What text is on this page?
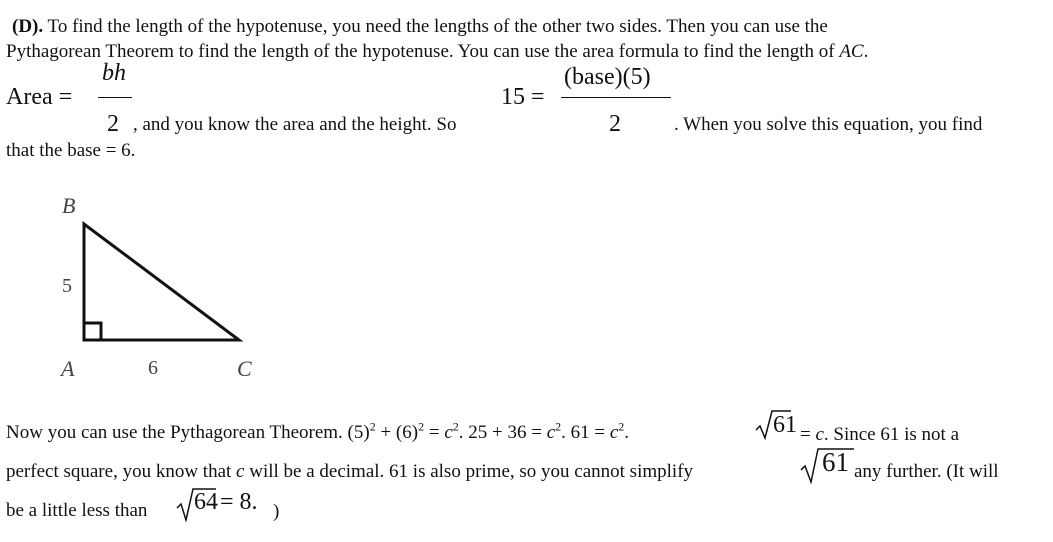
(D). To find the length of the hypotenuse, you need the lengths of the other two sides. Then you can use the
Pythagorean Theorem to find the length of the hypotenuse. You can use the area formula to find the length of AC.
Area =
bh
2 , and you know the area and the height. So
15 =
(base)(5)
2	. When you solve this equation, you find
that the base = 6.
B
5
A	6	C
Now you can use the Pythagorean Theorem. $(5)^2 + (6)^2 = c^2$. $25 + 36 = c^2$. $61 = c^2$.	61 = c. Since 61 is not a
perfect square, you know that c will be a decimal. 61 is also prime, so you cannot simplify	61 any further. (It will
be a little less than 64 = 8. )
